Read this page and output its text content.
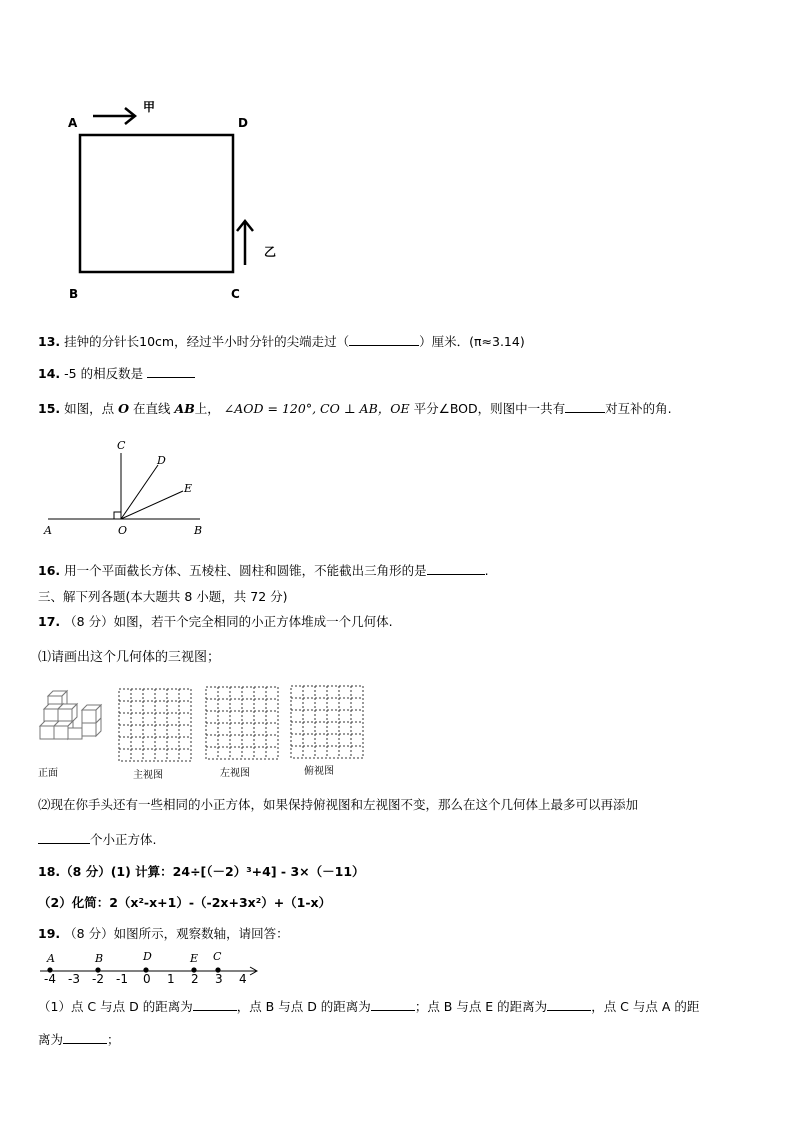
A	D
B	C
甲
乙
13. 挂钟的分针长10cm，经过半小时分针的尖端走过（	）厘米．(π≈3.14)
14. -5 的相反数是
15. 如图，点 O 在直线 AB上， ∠AOD = 120°, CO ⊥ AB，OE 平分∠BOD，则图中一共有	对互补的角.
A	O	B
C
D
E
16. 用一个平面截长方体、五棱柱、圆柱和圆锥，不能截出三角形的是	.
三、解下列各题(本大题共 8 小题，共 72 分)
17. （8 分）如图，若干个完全相同的小正方体堆成一个几何体.
⑴请画出这个几何体的三视图；
正面	主视图	左视图	俯视图
⑵现在你手头还有一些相同的小正方体，如果保持俯视图和左视图不变，那么在这个几何体上最多可以再添加
个小正方体.
18.（8 分）(1) 计算：24÷[（－2）³+4] - 3×（－11）
（2）化简：2（x²-x+1）-（-2x+3x²）+（1-x）
19. （8 分）如图所示，观察数轴，请回答：
A	B	D	E C
-4 -3 -2 -1 0 1 2 3 4
（1）点 C 与点 D 的距离为	，点 B 与点 D 的距离为	；点 B 与点 E 的距离为	，点 C 与点 A 的距
离为	；
